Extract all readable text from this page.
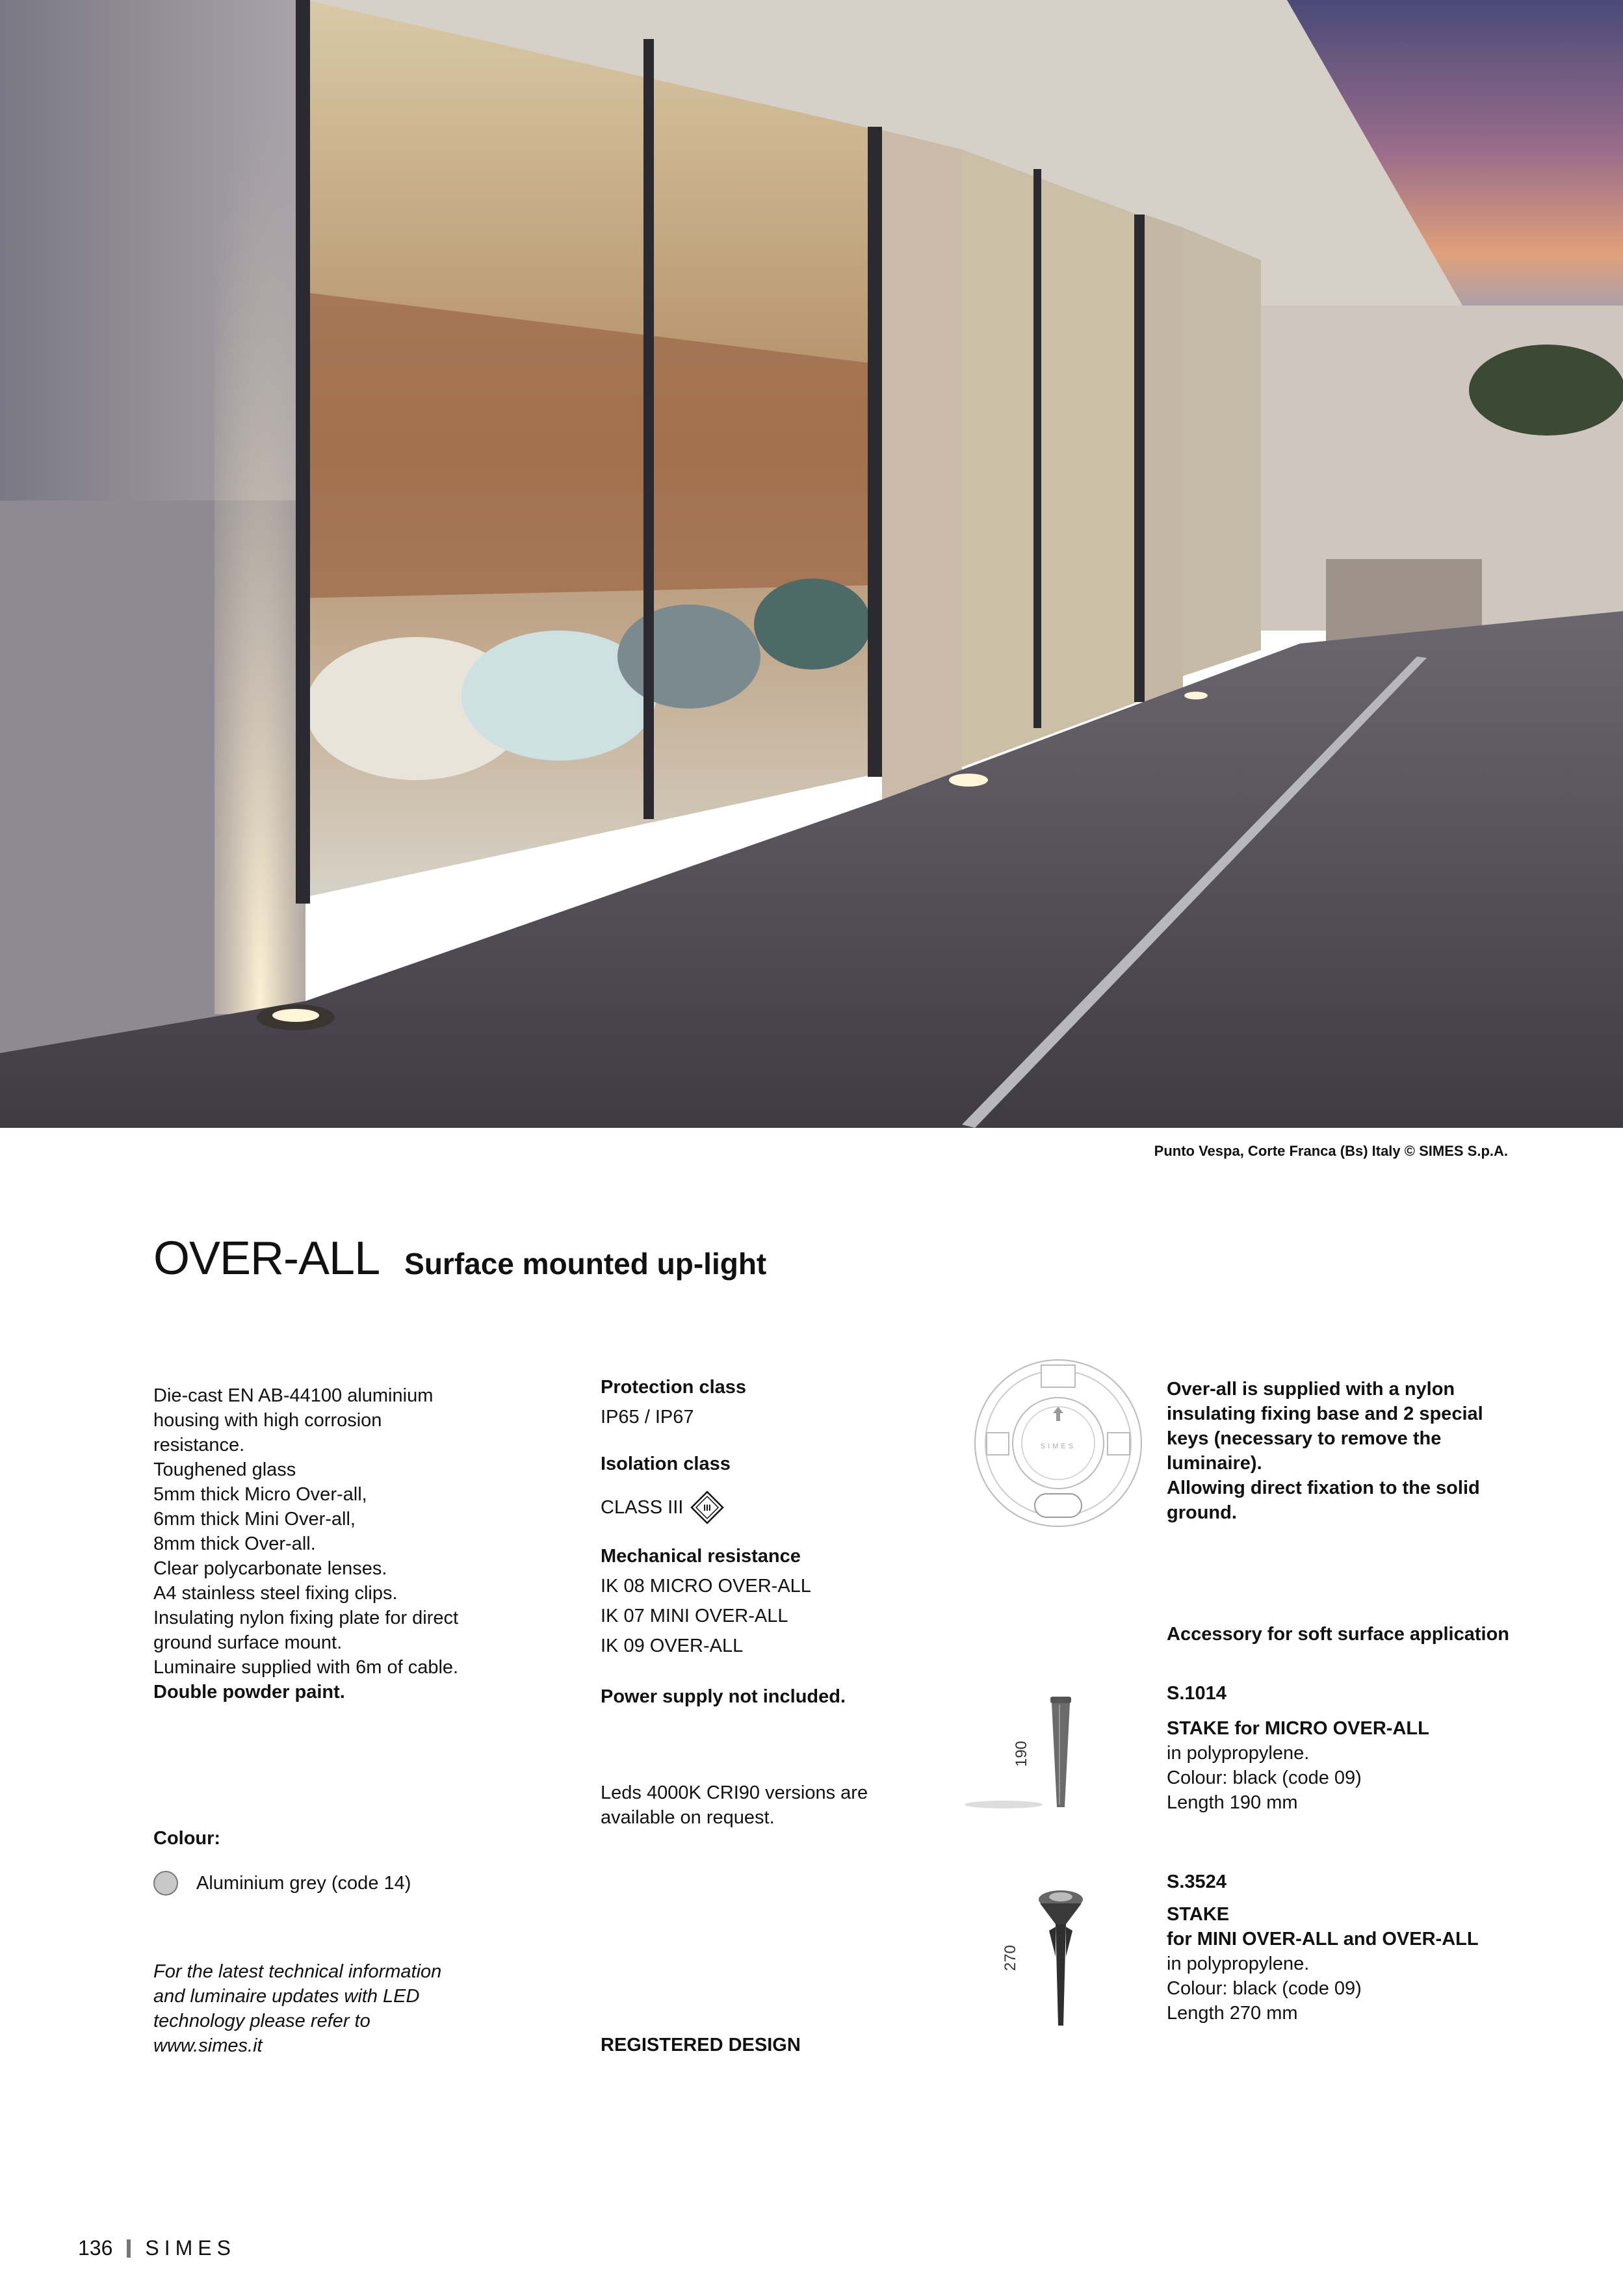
Punto Vespa, Corte Franca (Bs) Italy © SIMES S.p.A.
OVER-ALL Surface mounted up-light
Die-cast EN AB-44100 aluminium
housing with high corrosion
resistance.
Toughened glass
5mm thick Micro Over-all,
6mm thick Mini Over-all,
8mm thick Over-all.
Clear polycarbonate lenses.
A4 stainless steel fixing clips.
Insulating nylon fixing plate for direct
ground surface mount.
Luminaire supplied with 6m of cable.
Double powder paint.
Colour:
Aluminium grey (code 14)
For the latest technical information
and luminaire updates with LED
technology please refer to
www.simes.it
Protection class
IP65 / IP67
Isolation class
CLASS III III
Mechanical resistance
IK 08 MICRO OVER-ALL
IK 07 MINI OVER-ALL
IK 09 OVER-ALL
Power supply not included.
Leds 4000K CRI90 versions are
available on request.
REGISTERED DESIGN
SIMES
Over-all is supplied with a nylon
insulating fixing base and 2 special
keys (necessary to remove the
luminaire).
Allowing direct fixation to the solid
ground.
Accessory for soft surface application
190
S.1014
STAKE for MICRO OVER-ALL
in polypropylene.
Colour: black (code 09)
Length 190 mm
270
S.3524
STAKE
for MINI OVER-ALL and OVER-ALL
in polypropylene.
Colour: black (code 09)
Length 270 mm
136 SIMES
